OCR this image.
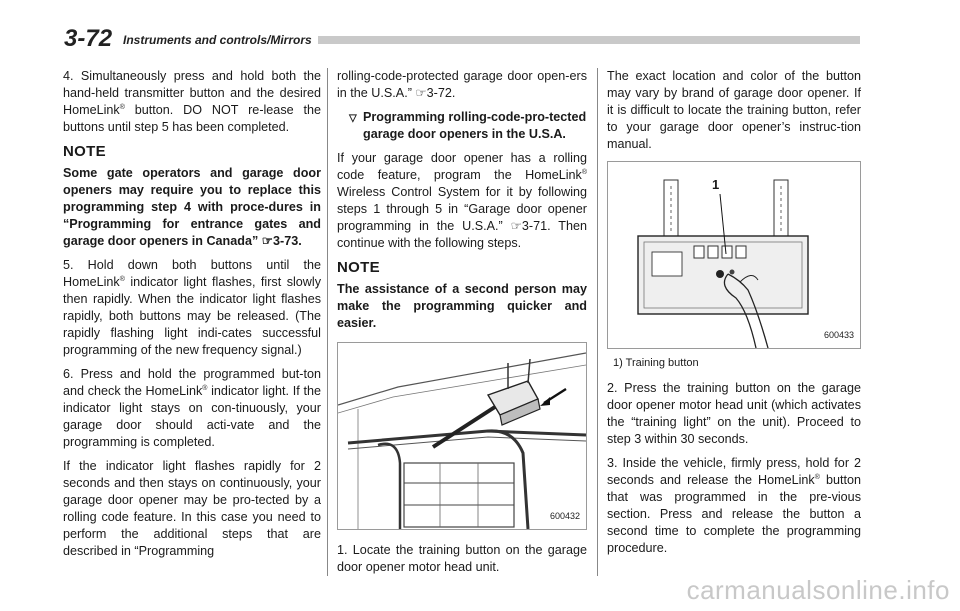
3-72 Instruments and controls/Mirrors

4. Simultaneously press and hold both the hand-held transmitter button and the desired HomeLink® button. DO NOT re-lease the buttons until step 5 has been completed.

NOTE

Some gate operators and garage door openers may require you to replace this programming step 4 with proce-dures in “Programming for entrance gates and garage door openers in Canada” ☞3-73.

5. Hold down both buttons until the HomeLink® indicator light flashes, first slowly then rapidly. When the indicator light flashes rapidly, both buttons may be released. (The rapidly flashing light indi-cates successful programming of the new frequency signal.)

6. Press and hold the programmed but-ton and check the HomeLink® indicator light. If the indicator light stays on con-tinuously, your garage door should acti-vate and the programming is completed.

If the indicator light flashes rapidly for 2 seconds and then stays on continuously, your garage door opener may be pro-tected by a rolling code feature. In this case you need to perform the additional steps that are described in “Programming

rolling-code-protected garage door open-ers in the U.S.A.” ☞3-72.

▽ Programming rolling-code-pro-tected garage door openers in the U.S.A.

If your garage door opener has a rolling code feature, program the HomeLink® Wireless Control System for it by following steps 1 through 5 in “Garage door opener programming in the U.S.A.” ☞3-71. Then continue with the following steps.

NOTE

The assistance of a second person may make the programming quicker and easier.

600432

1. Locate the training button on the garage door opener motor head unit.

The exact location and color of the button may vary by brand of garage door opener. If it is difficult to locate the training button, refer to your garage door opener’s instruc-tion manual.

1
600433
1) Training button

2. Press the training button on the garage door opener motor head unit (which activates the “training light” on the unit). Proceed to step 3 within 30 seconds.

3. Inside the vehicle, firmly press, hold for 2 seconds and release the HomeLink® button that was programmed in the pre-vious section. Press and release the button a second time to complete the programming procedure.

carmanualsonline.info
